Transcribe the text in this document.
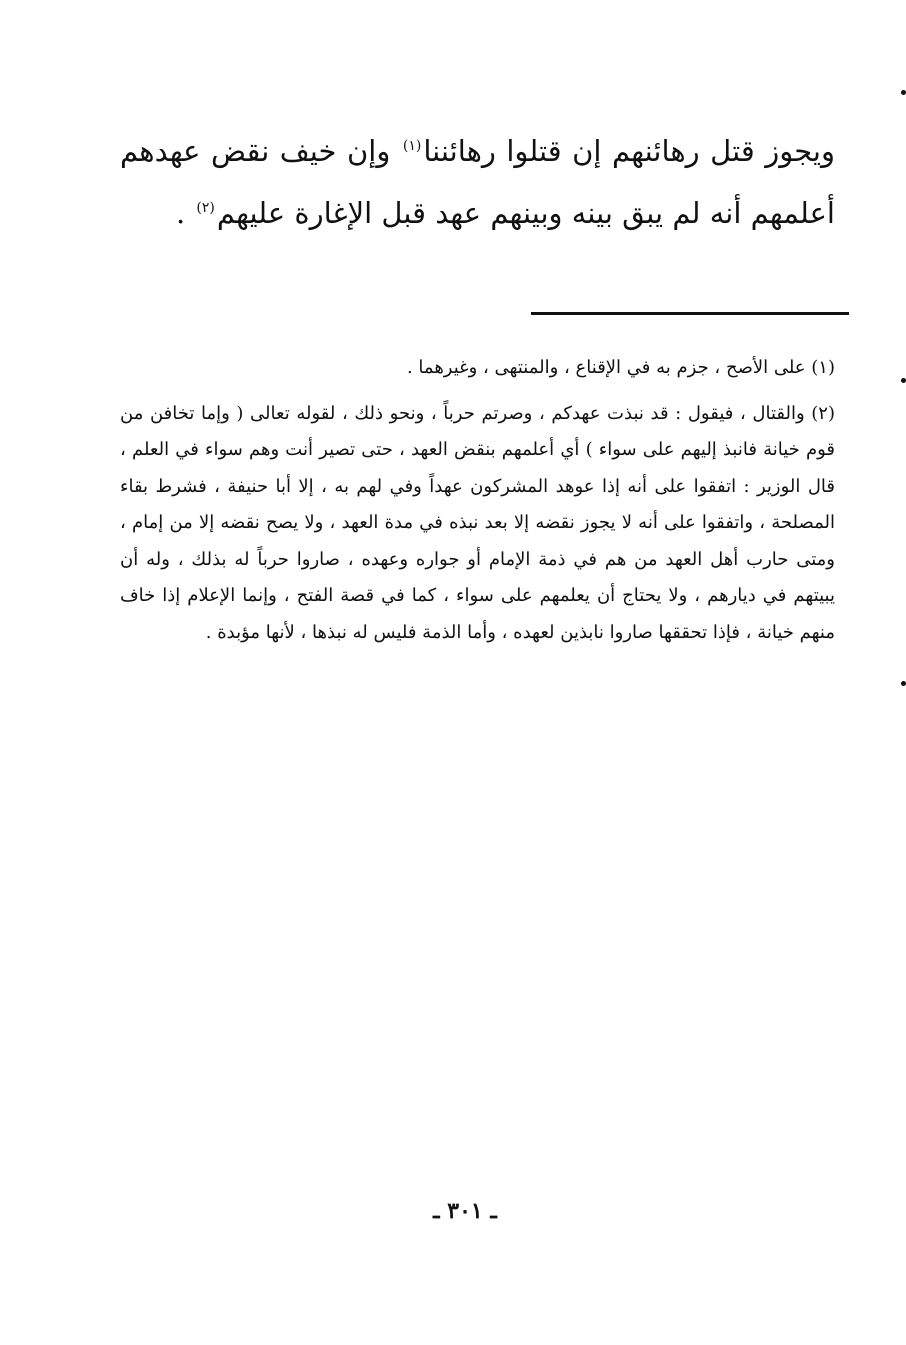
ويجوز قتل رهائنهم إن قتلوا رهائننا$^{(١)}$ وإن خيف نقض عهدهم أعلمهم أنه لم يبق بينه وبينهم عهد قبل الإغارة عليهم$^{(٢)}$ .

(١) على الأصح ، جزم به في الإقناع ، والمنتهى ، وغيرهما .

(٢) والقتال ، فيقول : قد نبذت عهدكم ، وصرتم حرباً ، ونحو ذلك ، لقوله تعالى ( وإما تخافن من قوم خيانة فانبذ إليهم على سواء ) أي أعلمهم بنقض العهد ، حتى تصير أنت وهم سواء في العلم ، قال الوزير : اتفقوا على أنه إذا عوهد المشركون عهداً وفي لهم به ، إلا أبا حنيفة ، فشرط بقاء المصلحة ، واتفقوا على أنه لا يجوز نقضه إلا بعد نبذه في مدة العهد ، ولا يصح نقضه إلا من إمام ، ومتى حارب أهل العهد من هم في ذمة الإمام أو جواره وعهده ، صاروا حرباً له بذلك ، وله أن يبيتهم في ديارهم ، ولا يحتاج أن يعلمهم على سواء ، كما في قصة الفتح ، وإنما الإعلام إذا خاف منهم خيانة ، فإذا تحققها صاروا نابذين لعهده ، وأما الذمة فليس له نبذها ، لأنها مؤبدة .

ـ ٣٠١ ـ
